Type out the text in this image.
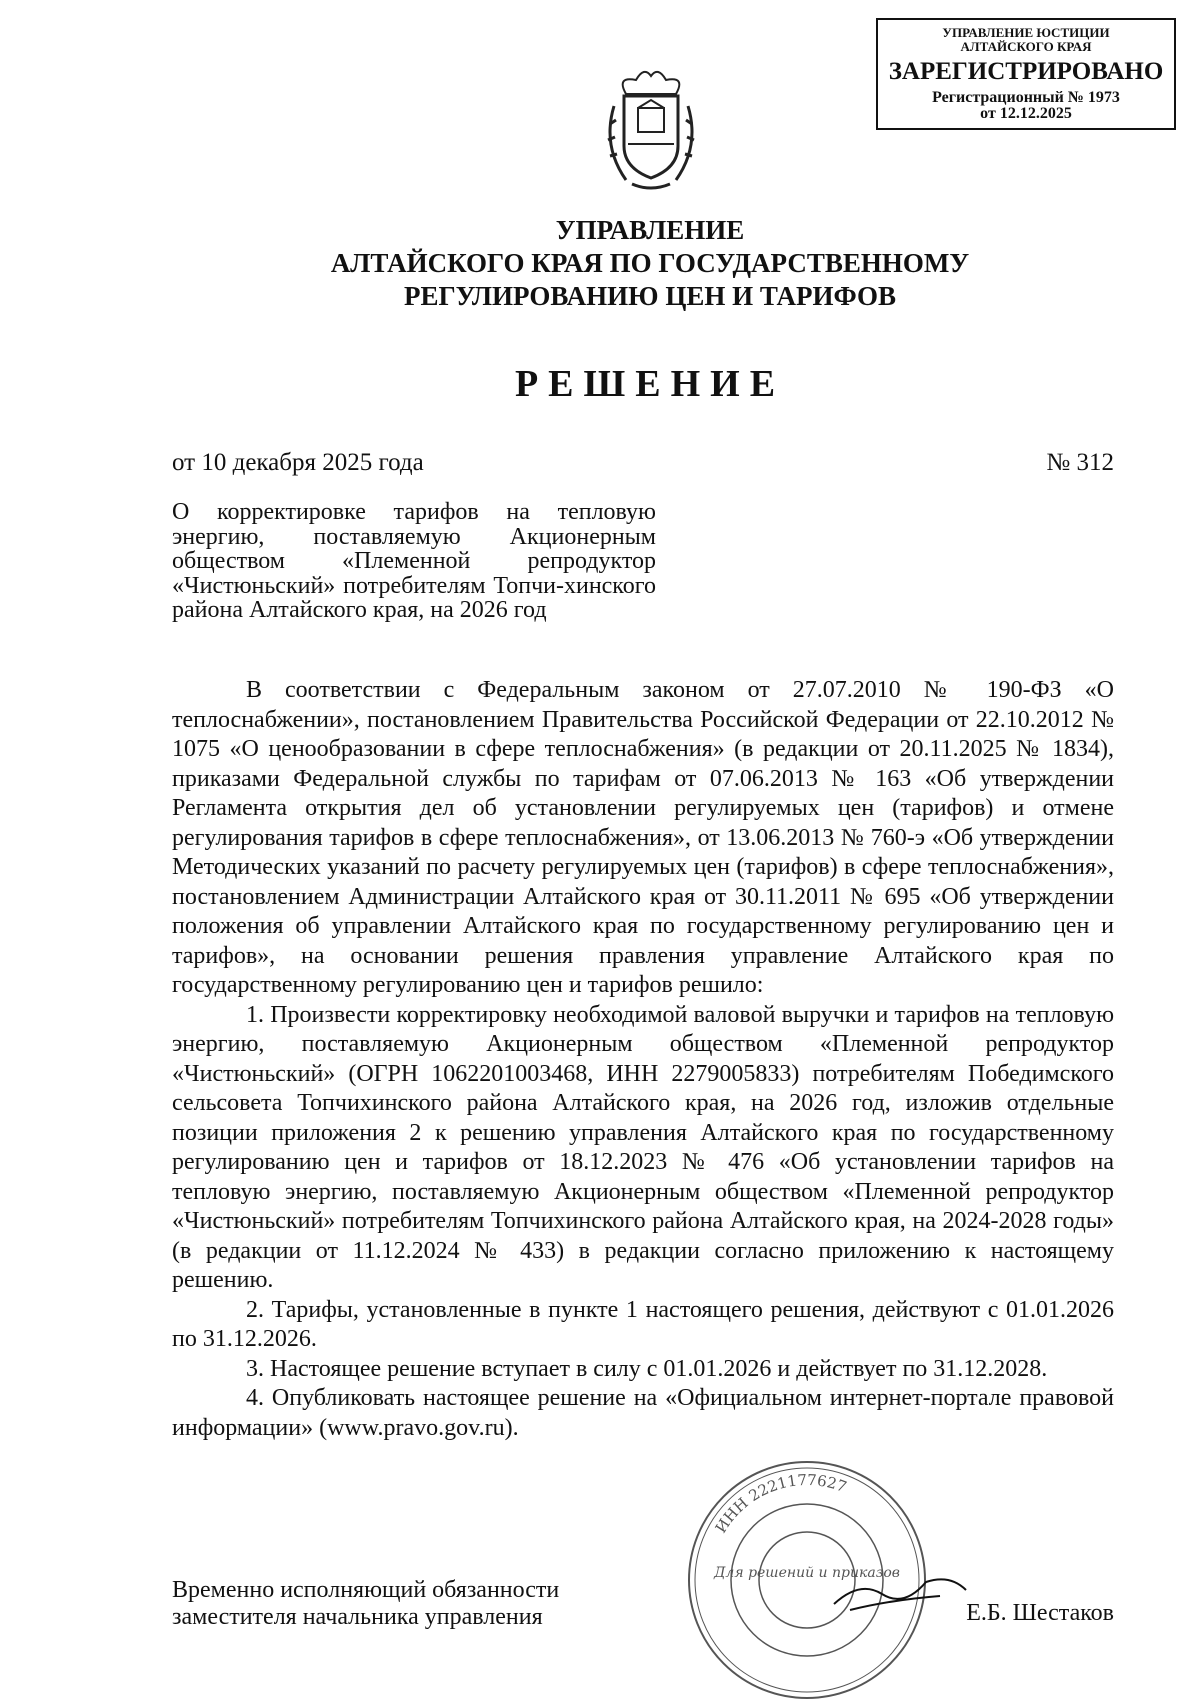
УПРАВЛЕНИЕ ЮСТИЦИИ
АЛТАЙСКОГО КРАЯ
ЗАРЕГИСТРИРОВАНО
Регистрационный № 1973
от 12.12.2025
УПРАВЛЕНИЕ
АЛТАЙСКОГО КРАЯ ПО ГОСУДАРСТВЕННОМУ
РЕГУЛИРОВАНИЮ ЦЕН И ТАРИФОВ
РЕШЕНИЕ
от 10 декабря 2025 года	№ 312
О корректировке тарифов на тепловую энергию, поставляемую Акционерным обществом «Племенной репродуктор «Чистюньский» потребителям Топчи-хинского района Алтайского края, на 2026 год

В соответствии с Федеральным законом от 27.07.2010 № 190-ФЗ «О теплоснабжении», постановлением Правительства Российской Федерации от 22.10.2012 № 1075 «О ценообразовании в сфере теплоснабжения» (в редакции от 20.11.2025 № 1834), приказами Федеральной службы по тарифам от 07.06.2013 № 163 «Об утверждении Регламента открытия дел об установлении регулируемых цен (тарифов) и отмене регулирования тарифов в сфере теплоснабжения», от 13.06.2013 № 760-э «Об утверждении Методических указаний по расчету регулируемых цен (тарифов) в сфере теплоснабжения», постановлением Администрации Алтайского края от 30.11.2011 № 695 «Об утверждении положения об управлении Алтайского края по государственному регулированию цен и тарифов», на основании решения правления управление Алтайского края по государственному регулированию цен и тарифов решило:

1. Произвести корректировку необходимой валовой выручки и тарифов на тепловую энергию, поставляемую Акционерным обществом «Племенной репродуктор «Чистюньский» (ОГРН 1062201003468, ИНН 2279005833) потребителям Победимского сельсовета Топчихинского района Алтайского края, на 2026 год, изложив отдельные позиции приложения 2 к решению управления Алтайского края по государственному регулированию цен и тарифов от 18.12.2023 № 476 «Об установлении тарифов на тепловую энергию, поставляемую Акционерным обществом «Племенной репродуктор «Чистюньский» потребителям Топчихинского района Алтайского края, на 2024-2028 годы» (в редакции от 11.12.2024 № 433) в редакции согласно приложению к настоящему решению.

2. Тарифы, установленные в пункте 1 настоящего решения, действуют с 01.01.2026 по 31.12.2026.

3. Настоящее решение вступает в силу с 01.01.2026 и действует по 31.12.2028.

4. Опубликовать настоящее решение на «Официальном интернет-портале правовой информации» (www.pravo.gov.ru).

ИНН 2221177627
Для решений и приказов
Временно исполняющий обязанности
заместителя начальника управления	Е.Б. Шестаков
